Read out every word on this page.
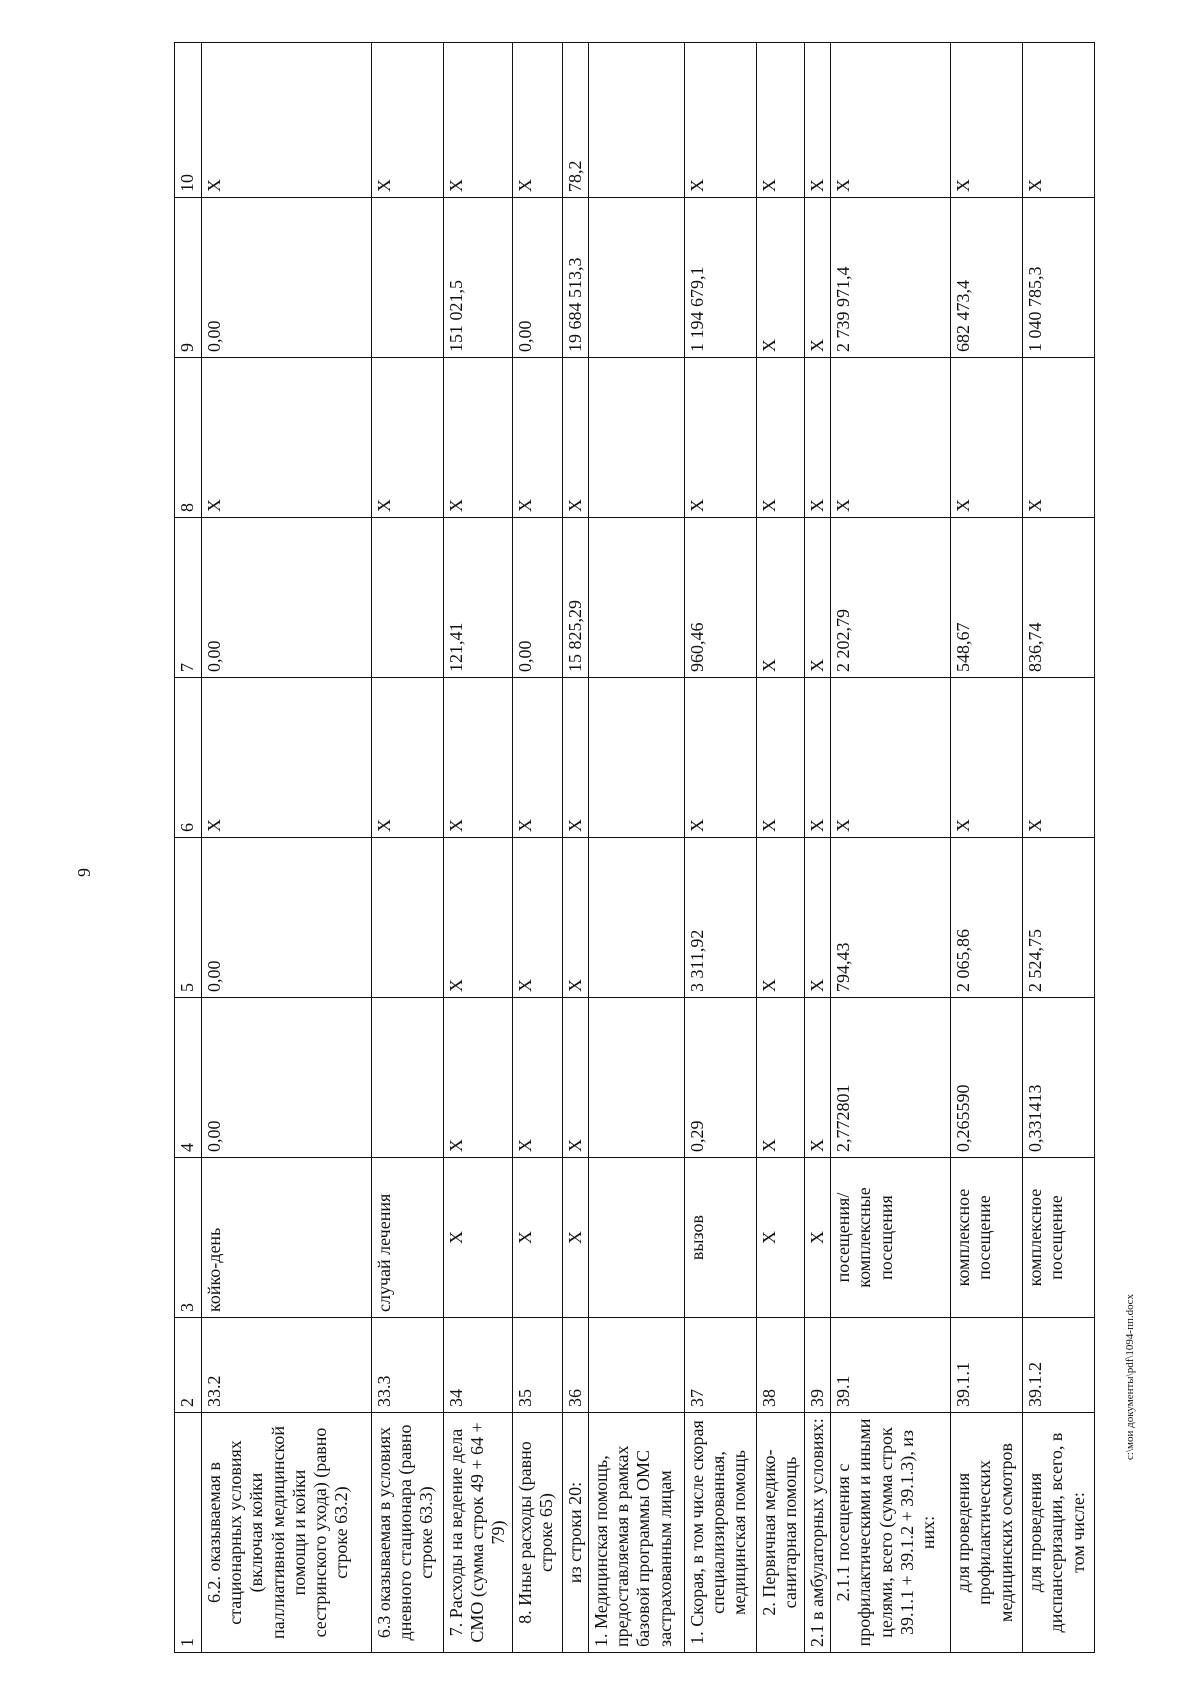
9
1	2	3	4	5	6	7	8	9	10
6.2. оказываемая в стационарных условиях (включая койки паллиативной медицинской помощи и койки сестринского ухода) (равно строке 63.2)	33.2	койко-день	0,00	0,00	X	0,00	X	0,00	X
6.3 оказываемая в условиях дневного стационара (равно строке 63.3)	33.3	случай лечения			X		X		X
7. Расходы на ведение дела СМО (сумма строк 49 + 64 + 79)	34	X	X	X	X	121,41	X	151 021,5	X
8. Иные расходы (равно строке 65)	35	X	X	X	X	0,00	X	0,00	X
из строки 20:	36	X	X	X	X	15 825,29	X	19 684 513,3	78,2
1. Медицинская помощь, предоставляемая в рамках базовой программы ОМС застрахованным лицам									
1. Скорая, в том числе скорая специализированная, медицинская помощь	37	вызов	0,29	3 311,92	X	960,46	X	1 194 679,1	X
2. Первичная медико-санитарная помощь	38	X	X	X	X	X	X	X	X
2.1 в амбулаторных условиях:	39	X	X	X	X	X	X	X	X
2.1.1 посещения с профилактическими и иными целями, всего (сумма строк 39.1.1 + 39.1.2 + 39.1.3), из них:	39.1	посещения/ комплексные посещения	2,772801	794,43	X	2 202,79	X	2 739 971,4	X
для проведения профилактических медицинских осмотров	39.1.1	комплексное посещение	0,265590	2 065,86	X	548,67	X	682 473,4	X
для проведения диспансеризации, всего, в том числе:	39.1.2	комплексное посещение	0,331413	2 524,75	X	836,74	X	1 040 785,3	X
c:\мои документы\pdf\1094-пп.docx
